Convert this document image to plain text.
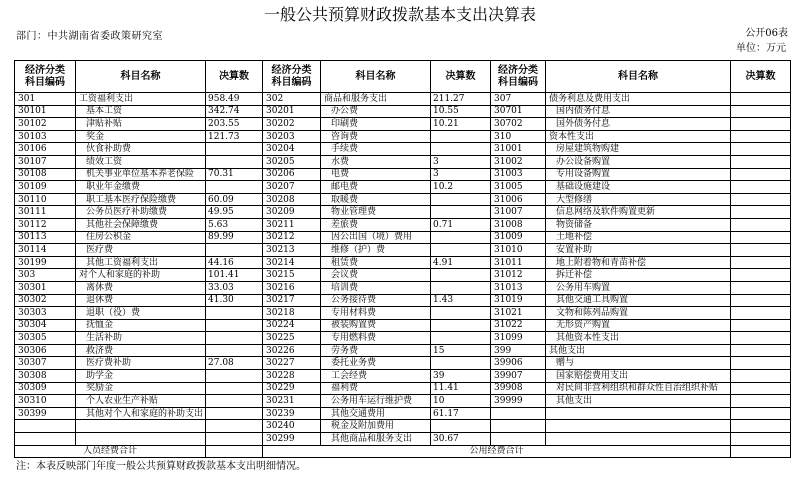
一般公共预算财政拨款基本支出决算表
部门：中共湖南省委政策研究室	公开06表
单位：万元
经济分类
科目编码	科目名称	决算数	经济分类
科目编码	科目名称	决算数	经济分类
科目编码	科目名称	决算数
301	工资福利支出	958.49	302	商品和服务支出	211.27	307	债务利息及费用支出	
30101	基本工资	342.74	30201	办公费	10.55	30701	国内债务付息	
30102	津贴补贴	203.55	30202	印刷费	10.21	30702	国外债务付息	
30103	奖金	121.73	30203	咨询费		310	资本性支出	
30106	伙食补助费		30204	手续费		31001	房屋建筑物购建	
30107	绩效工资		30205	水费	3	31002	办公设备购置	
30108	机关事业单位基本养老保险	70.31	30206	电费	3	31003	专用设备购置	
30109	职业年金缴费		30207	邮电费	10.2	31005	基础设施建设	
30110	职工基本医疗保险缴费	60.09	30208	取暖费		31006	大型修缮	
30111	公务员医疗补助缴费	49.95	30209	物业管理费		31007	信息网络及软件购置更新	
30112	其他社会保障缴费	5.63	30211	差旅费	0.71	31008	物资储备	
30113	住房公积金	89.99	30212	因公出国（境）费用		31009	土地补偿	
30114	医疗费		30213	维修（护）费		31010	安置补助	
30199	其他工资福利支出	44.16	30214	租赁费	4.91	31011	地上附着物和青苗补偿	
303	对个人和家庭的补助	101.41	30215	会议费		31012	拆迁补偿	
30301	离休费	33.03	30216	培训费		31013	公务用车购置	
30302	退休费	41.30	30217	公务接待费	1.43	31019	其他交通工具购置	
30303	退职（役）费		30218	专用材料费		31021	文物和陈列品购置	
30304	抚恤金		30224	被装购置费		31022	无形资产购置	
30305	生活补助		30225	专用燃料费		31099	其他资本性支出	
30306	救济费		30226	劳务费	15	399	其他支出	
30307	医疗费补助	27.08	30227	委托业务费		39906	赠与	
30308	助学金		30228	工会经费	39	39907	国家赔偿费用支出	
30309	奖励金		30229	福利费	11.41	39908	对民间非营利组织和群众性自治组织补贴	
30310	个人农业生产补贴		30231	公务用车运行维护费	10	39999	其他支出	
30399	其他对个人和家庭的补助支出		30239	其他交通费用	61.17			
			30240	税金及附加费用				
			30299	其他商品和服务支出	30.67			
人员经费合计			公用经费合计					
注：本表反映部门年度一般公共预算财政拨款基本支出明细情况。
